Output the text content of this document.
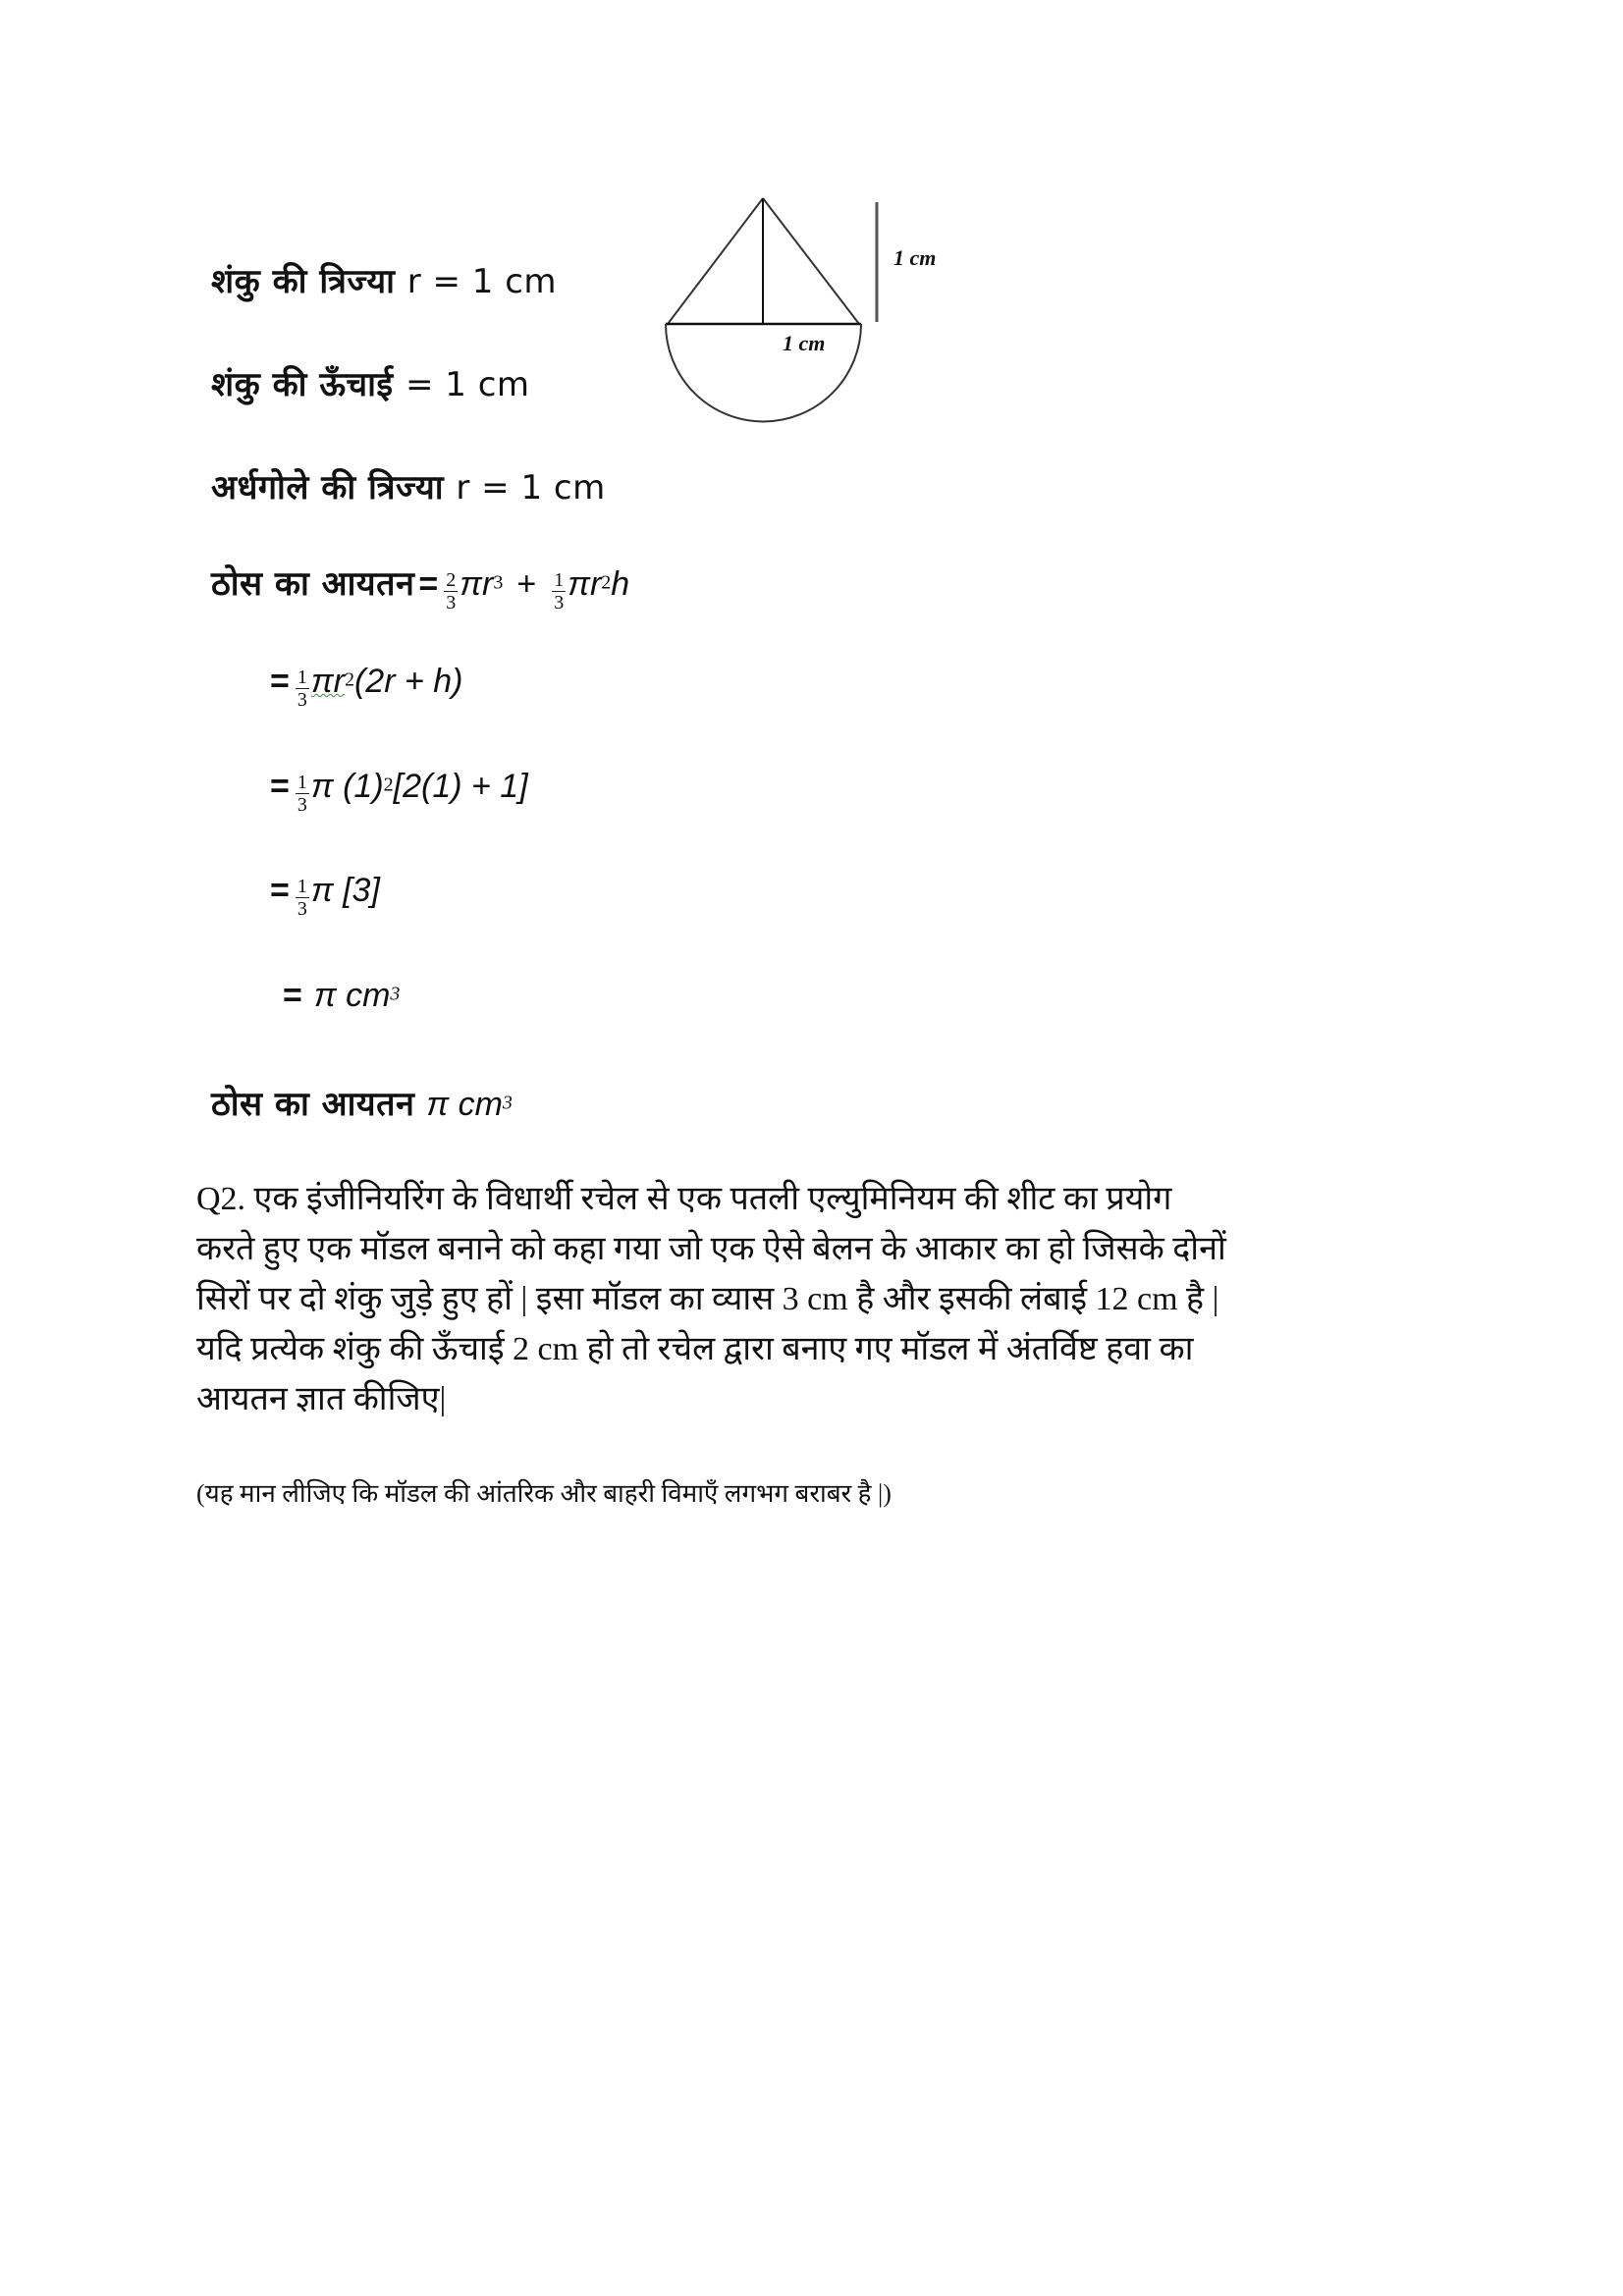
शंकु की त्रिज्या r = 1 cm
शंकु की ऊँचाई = 1 cm
अर्धगोले की त्रिज्या r = 1 cm
1 cm
1 cm
ठोस का आयतन = $\frac{2}{3} \pi r^3 + \frac{1}{3} \pi r^2h$
= $\frac{1}{3} \pi r^2(2r + h)$
= $\frac{1}{3}$ π $(1)^2[2(1) + 1]$
= $\frac{1}{3}$ π [3]
= π $cm^3$
ठोस का आयतन π $cm^3$
Q2. एक इंजीनियरिंग के विधार्थी रचेल से एक पतली एल्युमिनियम की शीट का प्रयोग
करते हुए एक मॉडल बनाने को कहा गया जो एक ऐसे बेलन के आकार का हो जिसके दोनों
सिरों पर दो शंकु जुड़े हुए हों | इसा मॉडल का व्यास 3 cm है और इसकी लंबाई 12 cm है |
यदि प्रत्येक शंकु की ऊँचाई 2 cm हो तो रचेल द्वारा बनाए गए मॉडल में अंतर्विष्ट हवा का
आयतन ज्ञात कीजिए|
(यह मान लीजिए कि मॉडल की आंतरिक और बाहरी विमाएँ लगभग बराबर है |)
